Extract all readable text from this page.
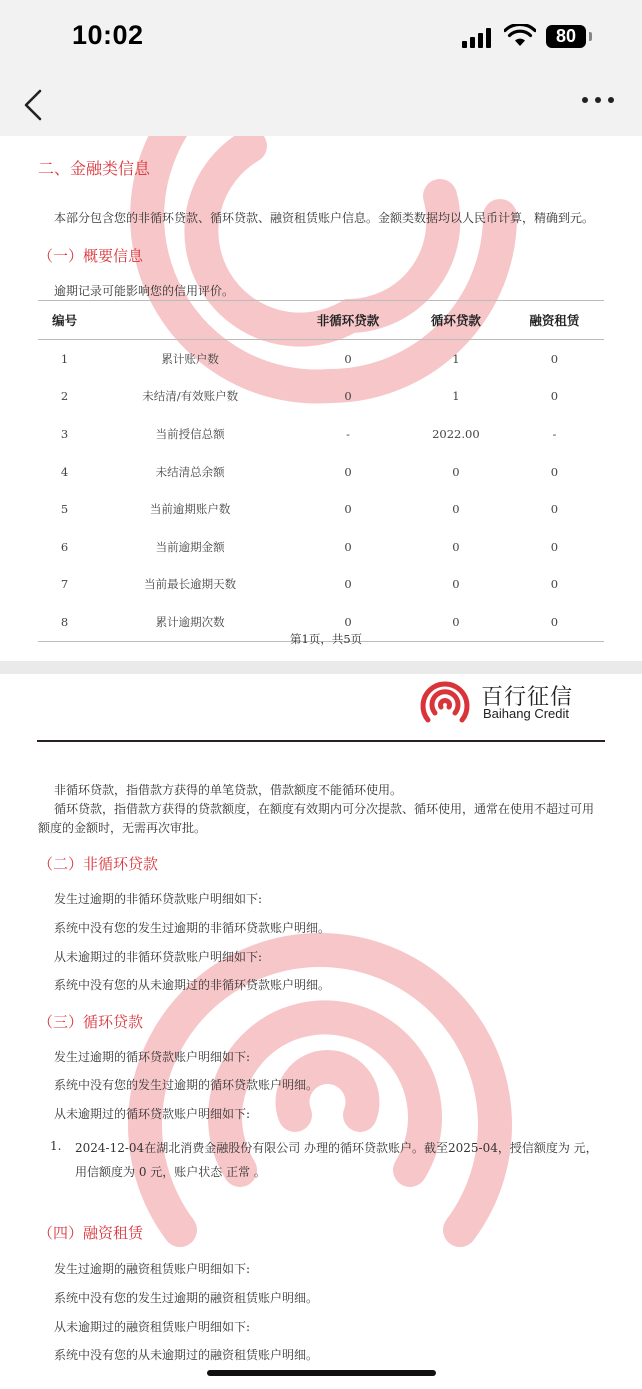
10:02	80
二、金融类信息
本部分包含您的非循环贷款、循环贷款、融资租赁账户信息。金额类数据均以人民币计算，精确到元。
（一）概要信息
逾期记录可能影响您的信用评价。
编号		非循环贷款	循环贷款	融资租赁
1	累计账户数	0	1	0
2	未结清/有效账户数	0	1	0
3	当前授信总额	-	2022.00	-
4	未结清总余额	0	0	0
5	当前逾期账户数	0	0	0
6	当前逾期金额	0	0	0
7	当前最长逾期天数	0	0	0
8	累计逾期次数	0	0	0
第1页，共5页
百行征信
Baihang Credit
非循环贷款，指借款方获得的单笔贷款，借款额度不能循环使用。
循环贷款，指借款方获得的贷款额度，在额度有效期内可分次提款、循环使用，通常在使用不超过可用
额度的金额时，无需再次审批。
（二）非循环贷款
发生过逾期的非循环贷款账户明细如下:
系统中没有您的发生过逾期的非循环贷款账户明细。
从未逾期过的非循环贷款账户明细如下:
系统中没有您的从未逾期过的非循环贷款账户明细。
（三）循环贷款
发生过逾期的循环贷款账户明细如下:
系统中没有您的发生过逾期的循环贷款账户明细。
从未逾期过的循环贷款账户明细如下:
1. 2024-12-04在湖北消费金融股份有限公司 办理的循环贷款账户。截至2025-04，授信额度为 元，
用信额度为 0 元，账户状态 正常 。
（四）融资租赁
发生过逾期的融资租赁账户明细如下:
系统中没有您的发生过逾期的融资租赁账户明细。
从未逾期过的融资租赁账户明细如下:
系统中没有您的从未逾期过的融资租赁账户明细。
